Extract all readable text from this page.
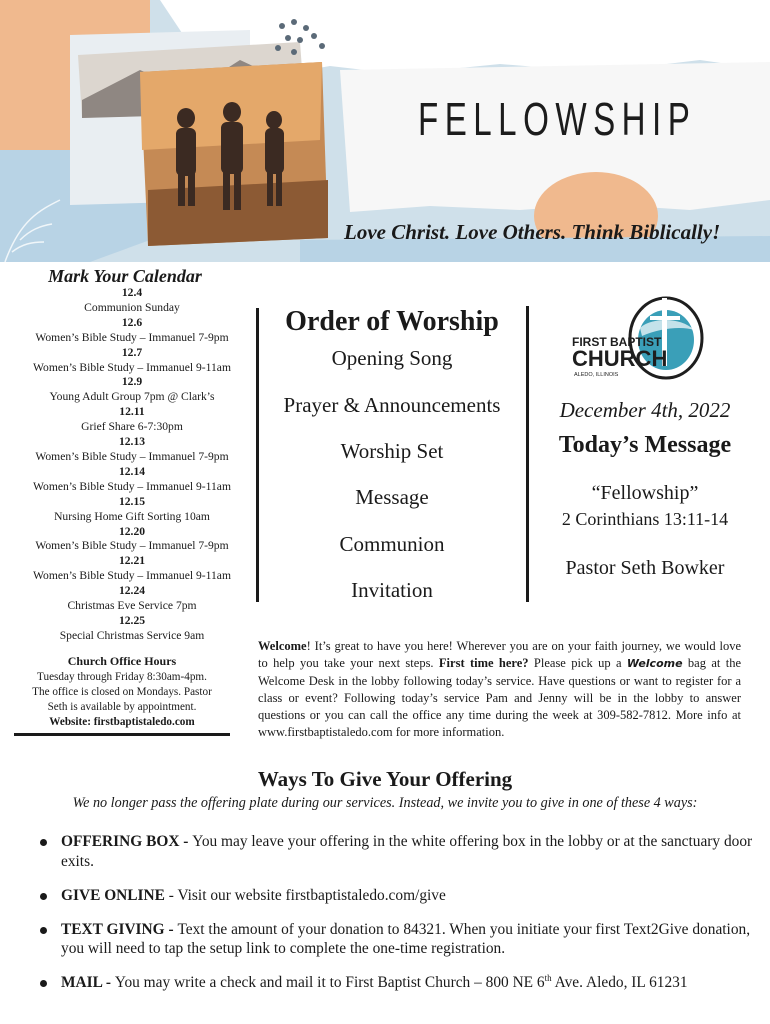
FELLOWSHIP
Love Christ. Love Others. Think Biblically!
Mark Your Calendar
12.4
Communion Sunday
12.6
Women’s Bible Study – Immanuel 7-9pm
12.7
Women’s Bible Study – Immanuel 9-11am
12.9
Young Adult Group 7pm @ Clark’s
12.11
Grief Share 6-7:30pm
12.13
Women’s Bible Study – Immanuel 7-9pm
12.14
Women’s Bible Study – Immanuel 9-11am
12.15
Nursing Home Gift Sorting 10am
12.20
Women’s Bible Study – Immanuel 7-9pm
12.21
Women’s Bible Study – Immanuel 9-11am
12.24
Christmas Eve Service 7pm
12.25
Special Christmas Service 9am
Church Office Hours
Tuesday through Friday 8:30am-4pm.
The office is closed on Mondays. Pastor
Seth is available by appointment.
Website: firstbaptistaledo.com
Order of Worship
Opening Song
Prayer & Announcements
Worship Set
Message
Communion
Invitation
FIRST BAPTIST
CHURCH
ALEDO, ILLINOIS
December 4th, 2022
Today’s Message
“Fellowship”
2 Corinthians 13:11-14
Pastor Seth Bowker
Welcome! It’s great to have you here! Wherever you are on your faith journey, we would love to help you take your next steps. First time here? Please pick up a Welcome bag at the Welcome Desk in the lobby following today’s service. Have questions or want to register for a class or event? Following today’s service Pam and Jenny will be in the lobby to answer questions or you can call the office any time during the week at 309-582-7812. More info at www.firstbaptistaledo.com for more information.
Ways To Give Your Offering
We no longer pass the offering plate during our services. Instead, we invite you to give in one of these 4 ways:
OFFERING BOX - You may leave your offering in the white offering box in the lobby or at the sanctuary door exits.
GIVE ONLINE - Visit our website firstbaptistaledo.com/give
TEXT GIVING - Text the amount of your donation to 84321. When you initiate your first Text2Give donation, you will need to tap the setup link to complete the one-time registration.
MAIL - You may write a check and mail it to First Baptist Church – 800 NE 6th Ave. Aledo, IL 61231
